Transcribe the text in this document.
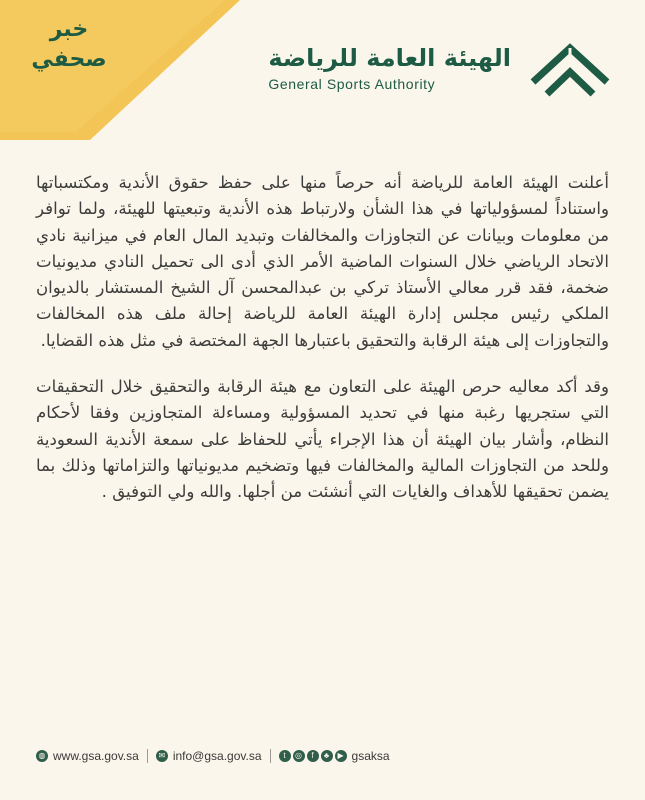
خبر
صحفي	الهيئة العامة للرياضة
General Sports Authority

أعلنت الهيئة العامة للرياضة أنه حرصاً منها على حفظ حقوق الأندية ومكتسباتها واستناداً لمسؤولياتها في هذا الشأن ولارتباط هذه الأندية وتبعيتها للهيئة، ولما توافر من معلومات وبيانات عن التجاوزات والمخالفات وتبديد المال العام في ميزانية نادي الاتحاد الرياضي خلال السنوات الماضية الأمر الذي أدى الى تحميل النادي مديونيات ضخمة، فقد قرر معالي الأستاذ تركي بن عبدالمحسن آل الشيخ المستشار بالديوان الملكي رئيس مجلس إدارة الهيئة العامة للرياضة إحالة ملف هذه المخالفات والتجاوزات إلى هيئة الرقابة والتحقيق باعتبارها الجهة المختصة في مثل هذه القضايا.

وقد أكد معاليه حرص الهيئة على التعاون مع هيئة الرقابة والتحقيق خلال التحقيقات التي ستجريها رغبة منها في تحديد المسؤولية ومساءلة المتجاوزين وفقا لأحكام النظام، وأشار بيان الهيئة أن هذا الإجراء يأتي للحفاظ على سمعة الأندية السعودية وللحد من التجاوزات المالية والمخالفات فيها وتضخيم مديونياتها والتزاماتها وذلك بما يضمن تحقيقها للأهداف والغايات التي أنشئت من أجلها. والله ولي التوفيق .

◍ www.gsa.gov.sa	✉ info@gsa.gov.sa	t	◎	f	♣	▶ gsaksa
